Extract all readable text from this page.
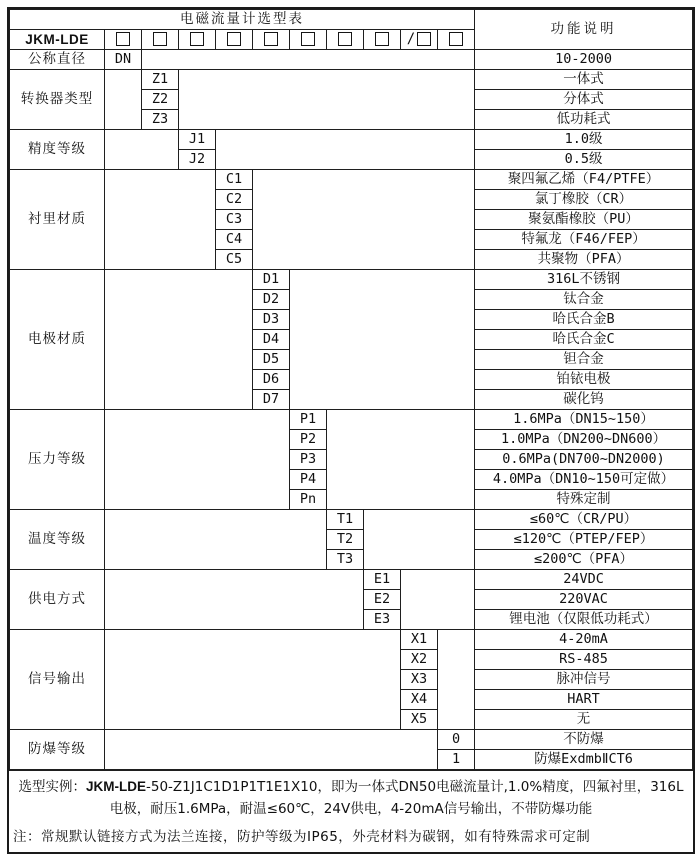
电磁流量计选型表											功能说明
JKM-LDE									/		
公称直径	DN										10-2000
转换器类型		Z1									一体式
		Z2									分体式
		Z3									低功耗式
精度等级			J1								1.0级
			J2								0.5级
衬里材质				C1							聚四氟乙烯（F4/PTFE）
				C2							氯丁橡胶（CR）
				C3							聚氨酯橡胶（PU）
				C4							特氟龙（F46/FEP）
				C5							共聚物（PFA）
电极材质					D1						316L不锈钢
					D2						钛合金
					D3						哈氏合金B
					D4						哈氏合金C
					D5						钽合金
					D6						铂铱电极
					D7						碳化钨
压力等级						P1					1.6MPa（DN15~150）
						P2					1.0MPa（DN200~DN600）
						P3					0.6MPa(DN700~DN2000)
						P4					4.0MPa（DN10~150可定做）
						Pn					特殊定制
温度等级							T1				≤60℃（CR/PU）
							T2				≤120℃（PTEP/FEP）
							T3				≤200℃（PFA）
供电方式								E1			24VDC
								E2			220VAC
								E3			锂电池（仅限低功耗式）
信号输出									X1		4-20mA
									X2		RS-485
									X3		脉冲信号
									X4		HART
									X5		无
防爆等级										0	不防爆
										1	防爆ExdmbⅡCT6

选型实例：JKM-LDE-50-Z1J1C1D1P1T1E1X10，即为一体式DN50电磁流量计,1.0%精度，四氟衬里，316L电极，耐压1.6MPa，耐温≤60℃，24V供电，4-20mA信号输出，不带防爆功能

注：常规默认链接方式为法兰连接，防护等级为IP65，外壳材料为碳钢，如有特殊需求可定制
